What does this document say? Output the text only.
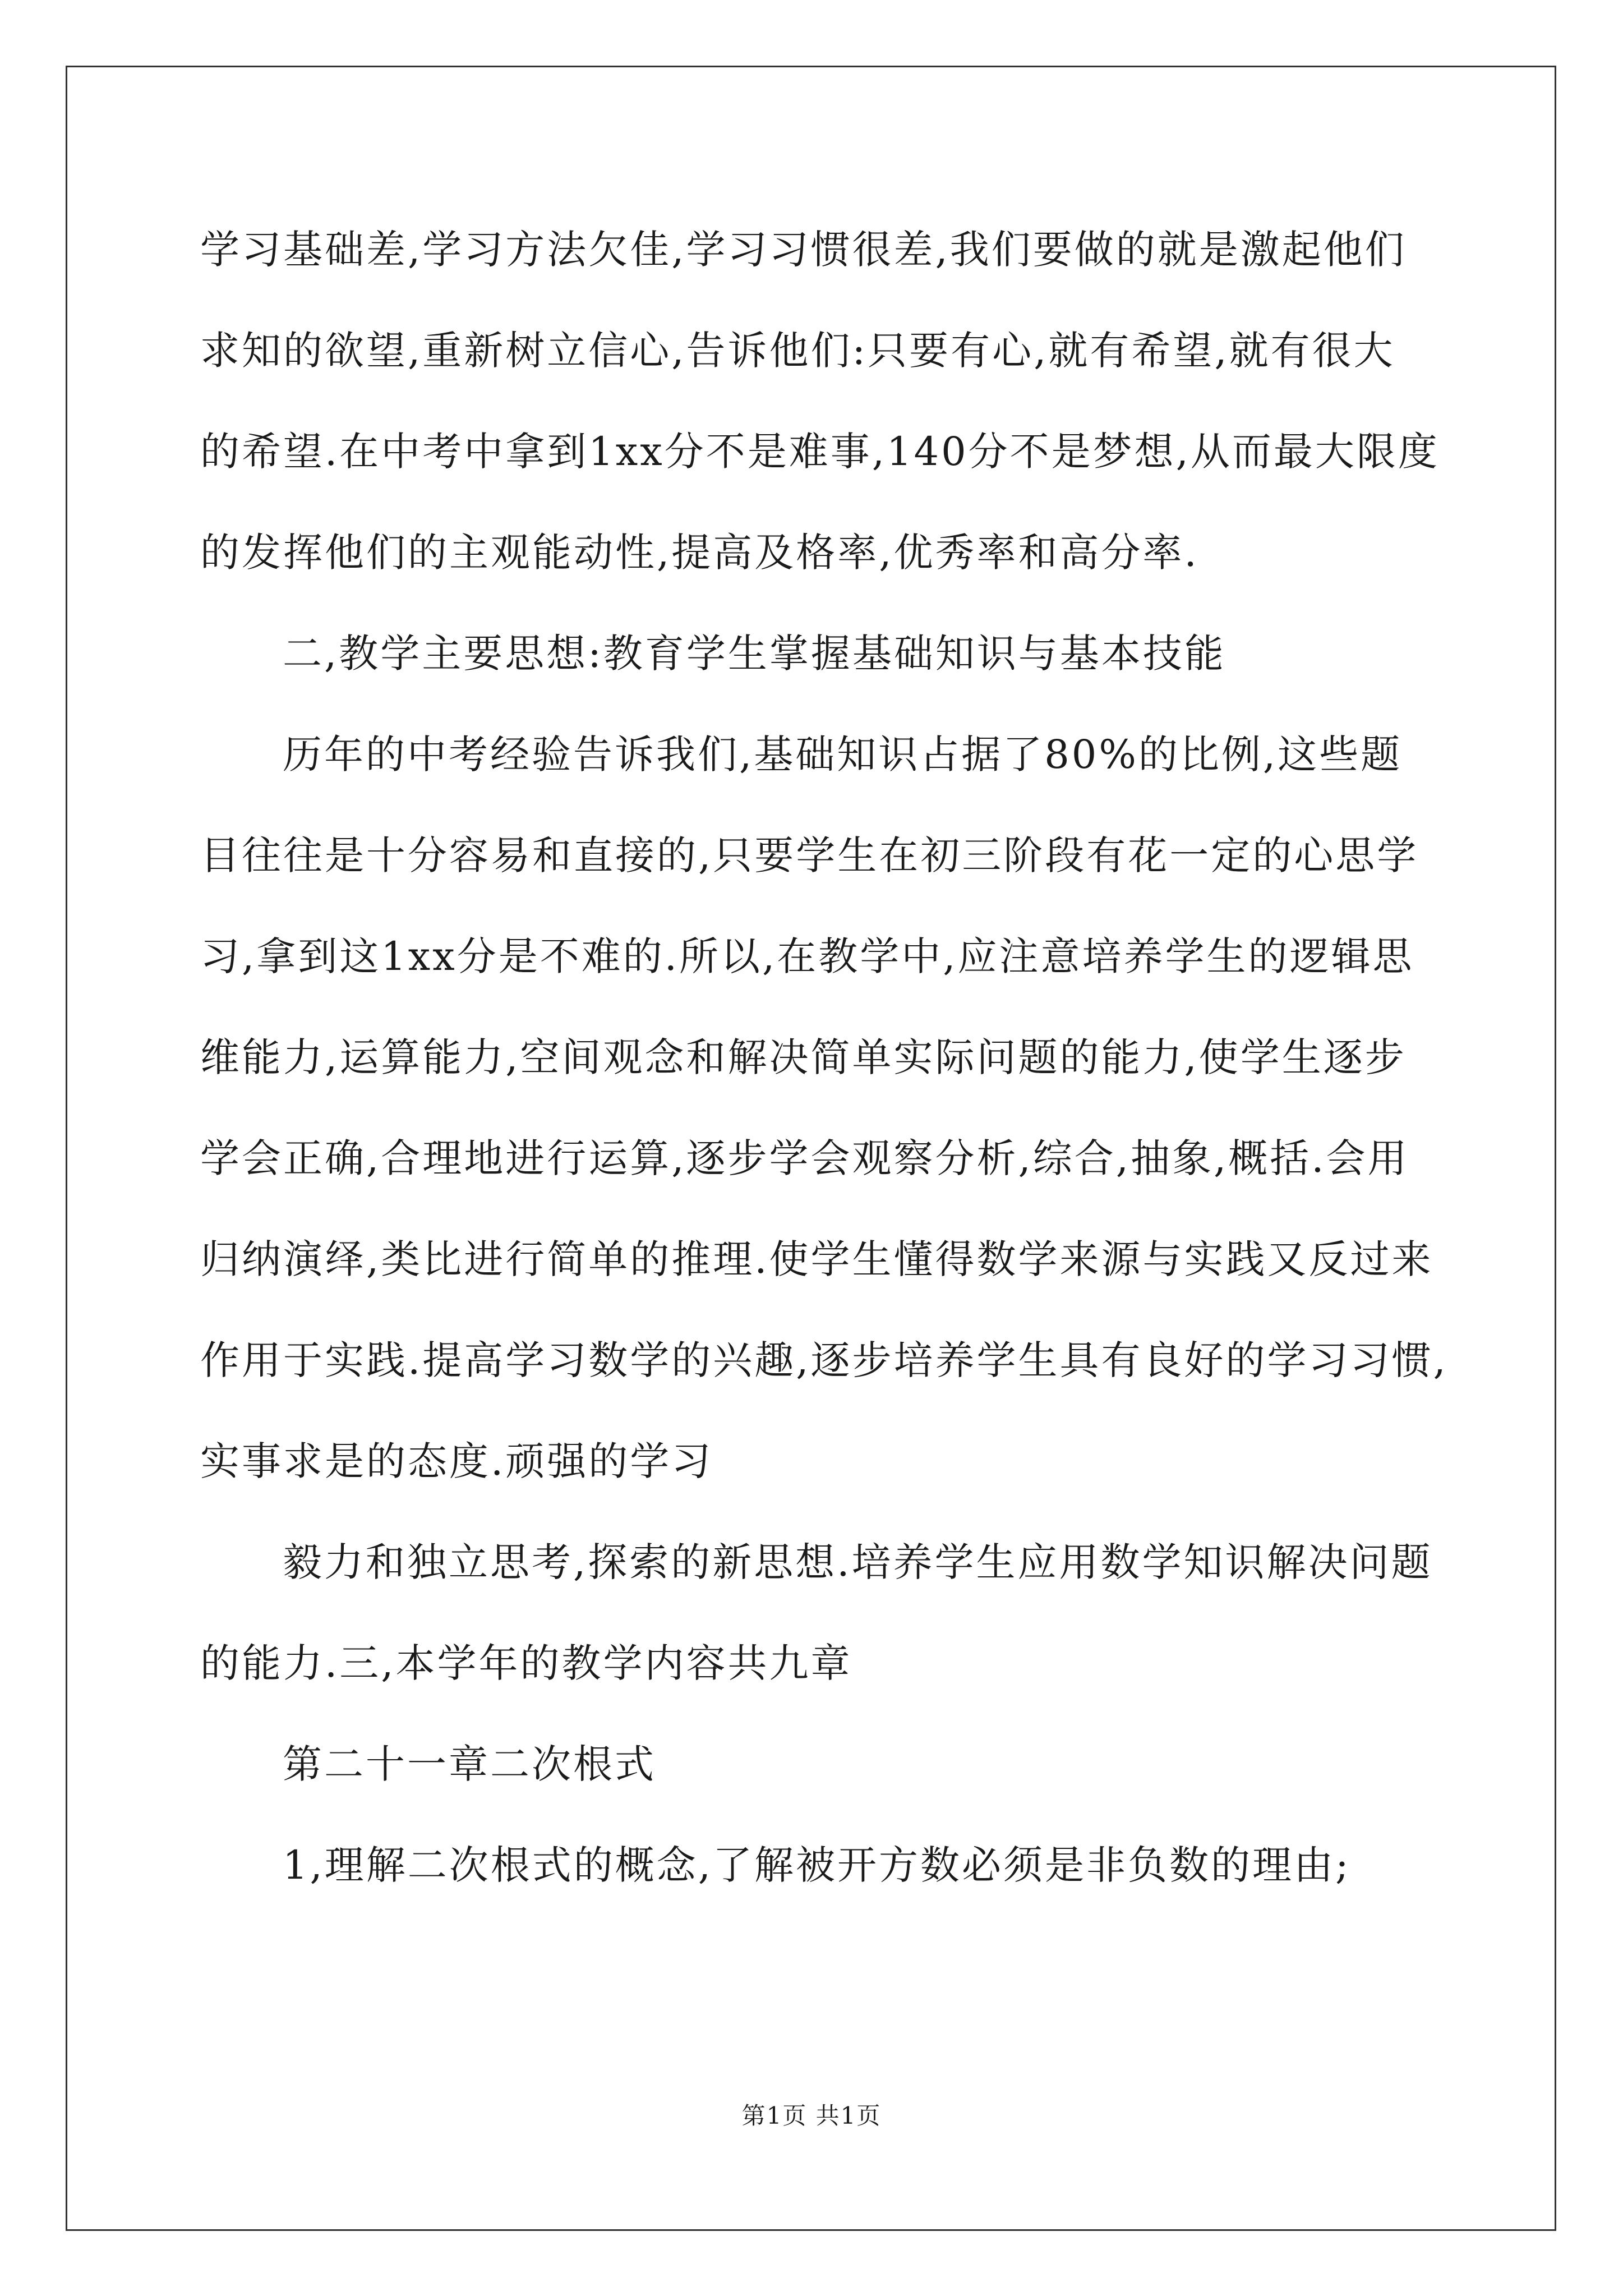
学习基础差,学习方法欠佳,学习习惯很差,我们要做的就是激起他们
求知的欲望,重新树立信心,告诉他们:只要有心,就有希望,就有很大
的希望.在中考中拿到1xx分不是难事,140分不是梦想,从而最大限度
的发挥他们的主观能动性,提高及格率,优秀率和高分率.
二,教学主要思想:教育学生掌握基础知识与基本技能
历年的中考经验告诉我们,基础知识占据了80%的比例,这些题
目往往是十分容易和直接的,只要学生在初三阶段有花一定的心思学
习,拿到这1xx分是不难的.所以,在教学中,应注意培养学生的逻辑思
维能力,运算能力,空间观念和解决简单实际问题的能力,使学生逐步
学会正确,合理地进行运算,逐步学会观察分析,综合,抽象,概括.会用
归纳演绎,类比进行简单的推理.使学生懂得数学来源与实践又反过来
作用于实践.提高学习数学的兴趣,逐步培养学生具有良好的学习习惯,
实事求是的态度.顽强的学习
毅力和独立思考,探索的新思想.培养学生应用数学知识解决问题
的能力.三,本学年的教学内容共九章
第二十一章二次根式
1,理解二次根式的概念,了解被开方数必须是非负数的理由;
第1页 共1页
